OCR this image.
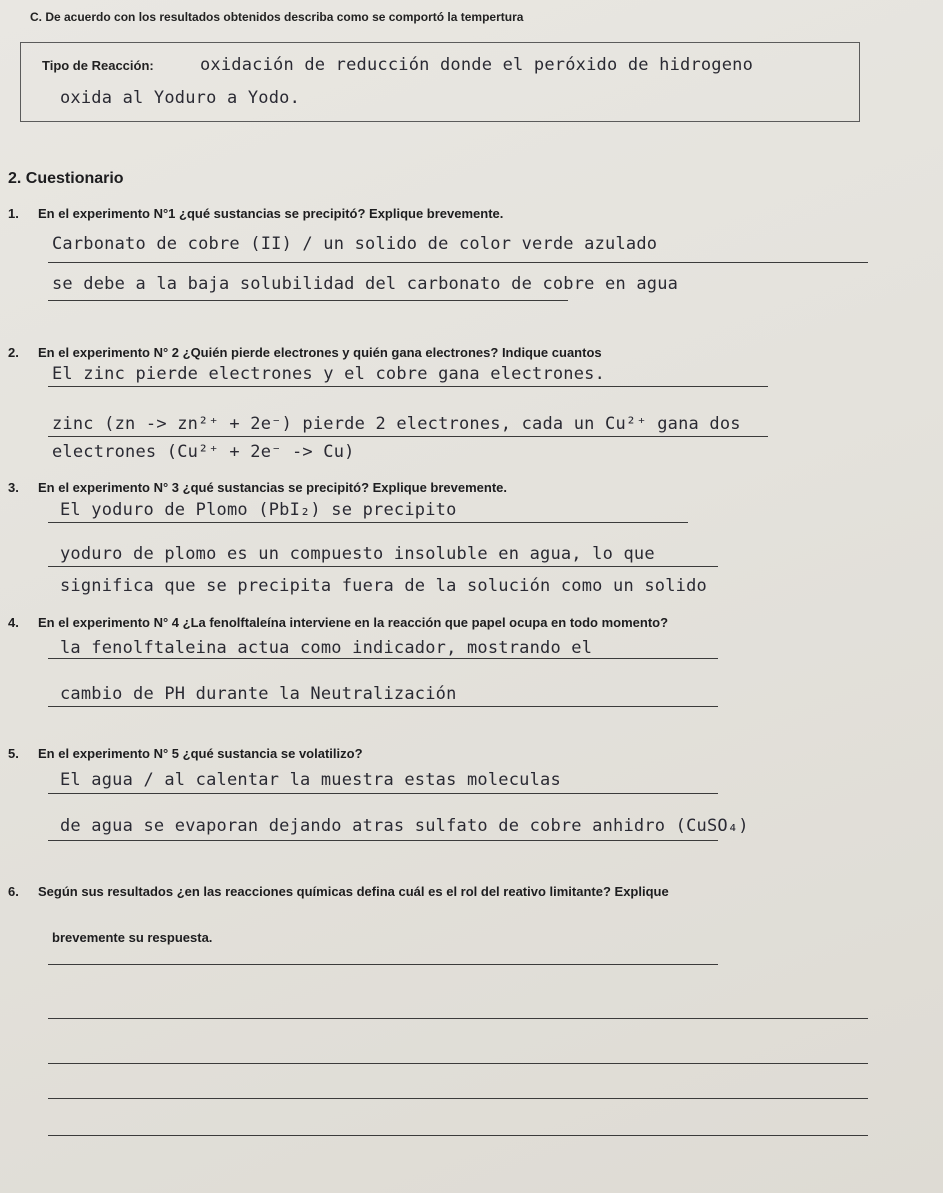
C. De acuerdo con los resultados obtenidos describa como se comportó la tempertura
Tipo de Reacción:	oxidación de reducción donde el peróxido de hidrogeno
oxida al Yoduro a Yodo.
2. Cuestionario
1. En el experimento N°1 ¿qué sustancias se precipitó? Explique brevemente.
Carbonato de cobre (II) / un solido de color verde azulado
se debe a la baja solubilidad del carbonato de cobre en agua
2. En el experimento N° 2 ¿Quién pierde electrones y quién gana electrones? Indique cuantos
El zinc pierde electrones y el cobre gana electrones.
zinc (zn -> zn²⁺ + 2e⁻) pierde 2 electrones, cada un Cu²⁺ gana dos
electrones (Cu²⁺ + 2e⁻ -> Cu)
3. En el experimento N° 3 ¿qué sustancias se precipitó? Explique brevemente.
El yoduro de Plomo (PbI₂) se precipito
yoduro de plomo es un compuesto insoluble en agua, lo que
significa que se precipita fuera de la solución como un solido
4. En el experimento N° 4 ¿La fenolftaleína interviene en la reacción que papel ocupa en todo momento?
la fenolftaleina actua como indicador, mostrando el
cambio de PH durante la Neutralización
5. En el experimento N° 5 ¿qué sustancia se volatilizo?
El agua / al calentar la muestra estas moleculas
de agua se evaporan dejando atras sulfato de cobre anhidro (CuSO₄)
6. Según sus resultados ¿en las reacciones químicas defina cuál es el rol del reativo limitante? Explique
brevemente su respuesta.
